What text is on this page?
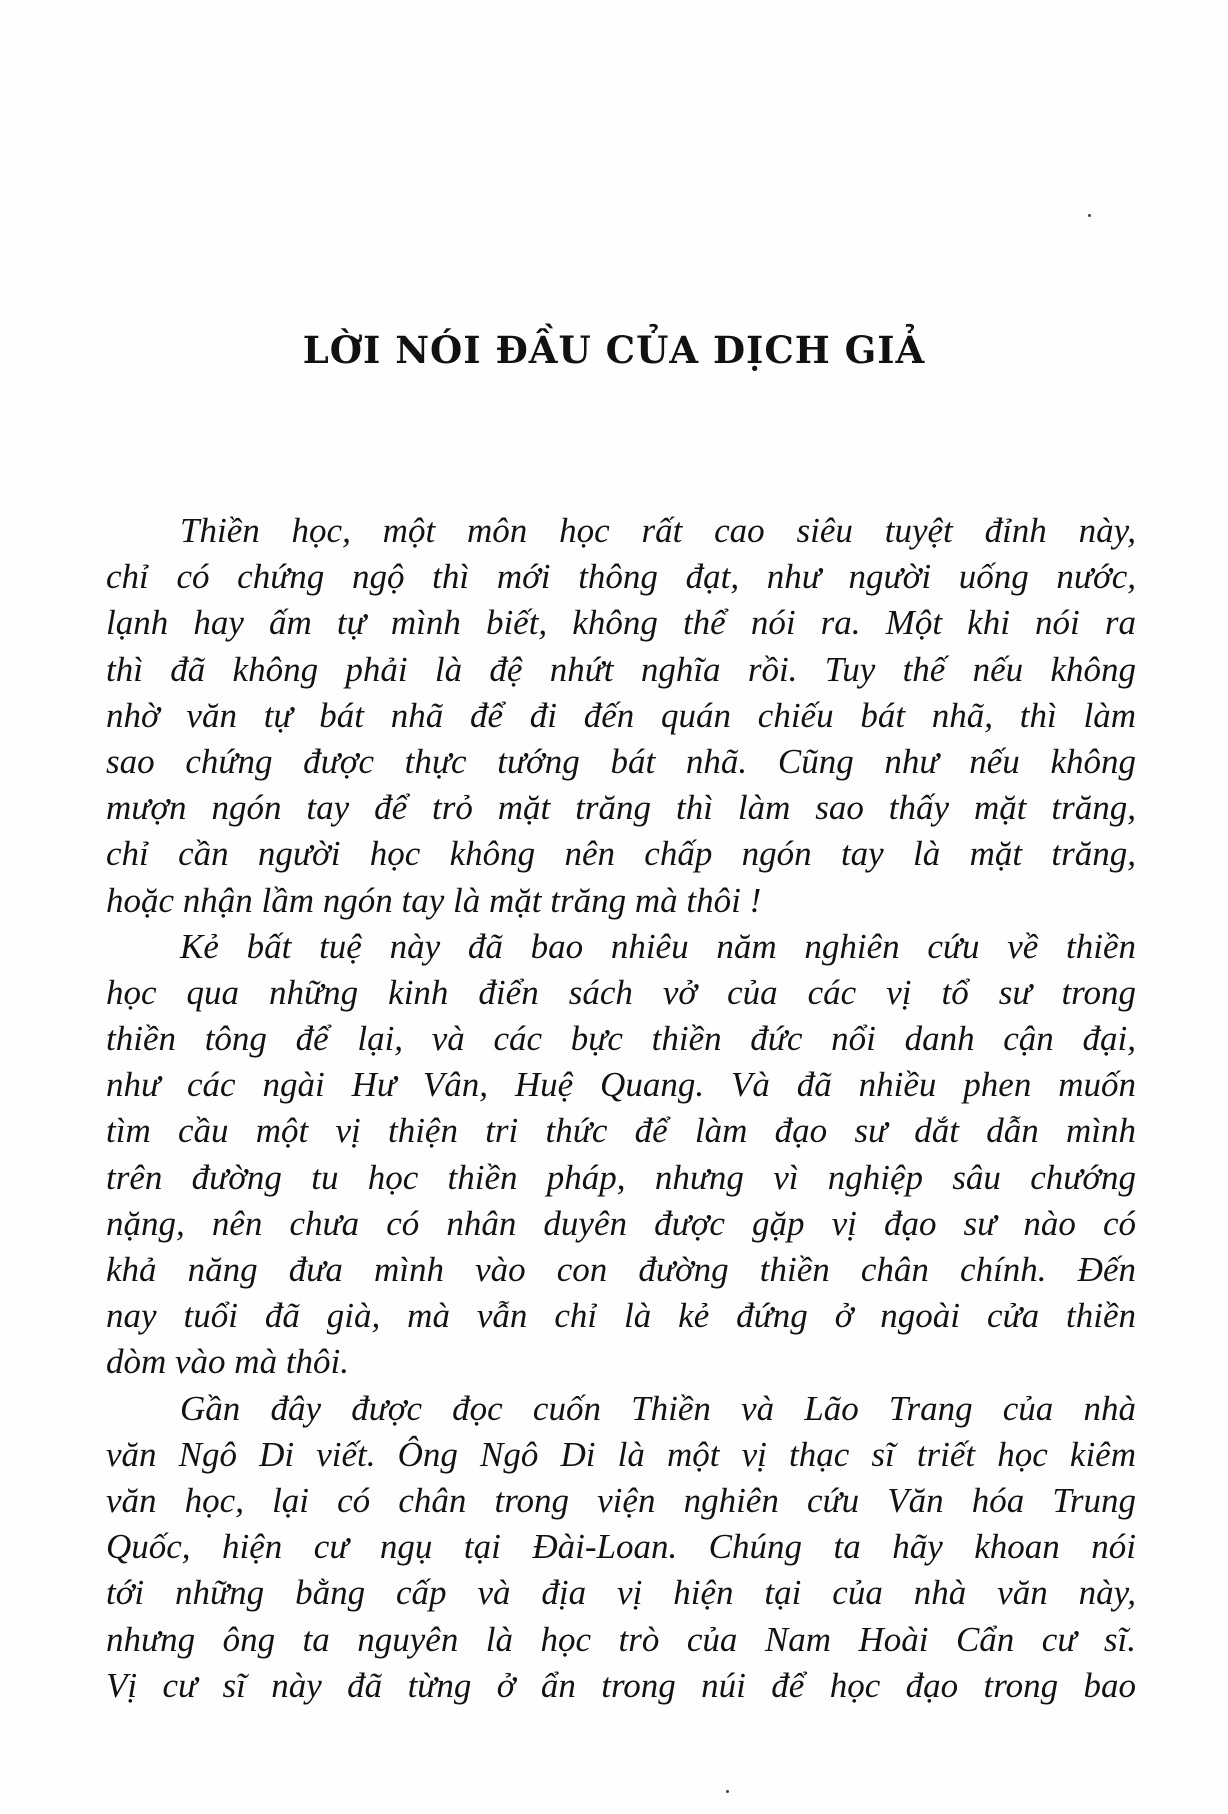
LỜI NÓI ĐẦU CỦA DỊCH GIẢ
Thiền học, một môn học rất cao siêu tuyệt đỉnh này,
chỉ có chứng ngộ thì mới thông đạt, như người uống nước,
lạnh hay ấm tự mình biết, không thể nói ra. Một khi nói ra
thì đã không phải là đệ nhứt nghĩa rồi. Tuy thế nếu không
nhờ văn tự bát nhã để đi đến quán chiếu bát nhã, thì làm
sao chứng được thực tướng bát nhã. Cũng như nếu không
mượn ngón tay để trỏ mặt trăng thì làm sao thấy mặt trăng,
chỉ cần người học không nên chấp ngón tay là mặt trăng,
hoặc nhận lầm ngón tay là mặt trăng mà thôi !
Kẻ bất tuệ này đã bao nhiêu năm nghiên cứu về thiền
học qua những kinh điển sách vở của các vị tổ sư trong
thiền tông để lại, và các bực thiền đức nổi danh cận đại,
như các ngài Hư Vân, Huệ Quang. Và đã nhiều phen muốn
tìm cầu một vị thiện tri thức để làm đạo sư dắt dẫn mình
trên đường tu học thiền pháp, nhưng vì nghiệp sâu chướng
nặng, nên chưa có nhân duyên được gặp vị đạo sư nào có
khả năng đưa mình vào con đường thiền chân chính. Đến
nay tuổi đã già, mà vẫn chỉ là kẻ đứng ở ngoài cửa thiền
dòm vào mà thôi.
Gần đây được đọc cuốn Thiền và Lão Trang của nhà
văn Ngô Di viết. Ông Ngô Di là một vị thạc sĩ triết học kiêm
văn học, lại có chân trong viện nghiên cứu Văn hóa Trung
Quốc, hiện cư ngụ tại Đài-Loan. Chúng ta hãy khoan nói
tới những bằng cấp và địa vị hiện tại của nhà văn này,
nhưng ông ta nguyên là học trò của Nam Hoài Cẩn cư sĩ.
Vị cư sĩ này đã từng ở ẩn trong núi để học đạo trong bao
